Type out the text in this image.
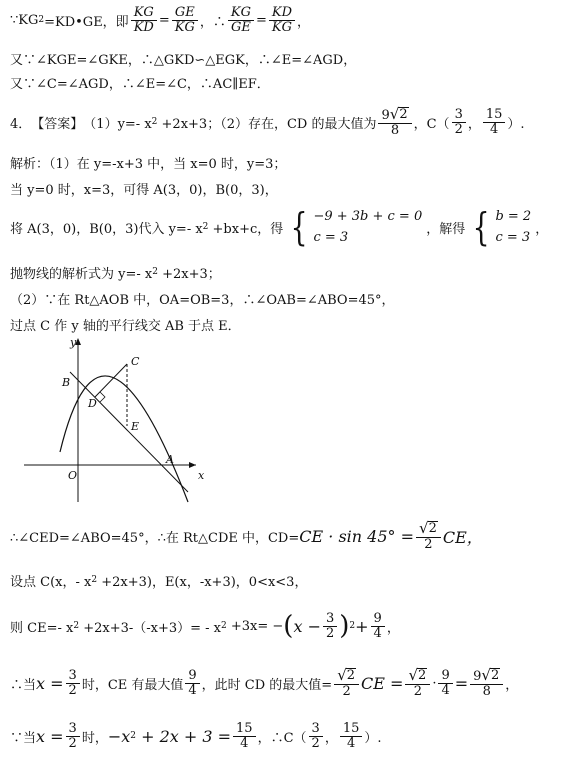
∵KG 2 =KD•GE，即 $\frac{KG}{KD} = \frac{GE}{KG}$ ，∴ $\frac{KG}{GE} = \frac{KD}{KG}$ ，
又∵∠KGE=∠GKE，∴△GKD∽△EGK，∴∠E=∠AGD，
又∵∠C=∠AGD，∴∠E=∠C，∴AC∥EF．
4． 【答案】 （1）y=- x 2 +2x+3；（2）存在，CD 的最大值为 $\frac{9 √ 2}{8}$ ，$C( \frac{3}{2}$ ， $\frac{15}{4}$ ）.
解析：（1）在 y=-x+3 中，当 x=0 时，y=3；
当 y=0 时，x=3，可得 A(3，0)，B(0，3)，
将 A(3，0)，B(0，3)代入 y=- x 2 +bx+c，得 { −9 + 3b + c = 0
c = 3
，解得 { b = 2
c = 3
，
抛物线的解析式为 y=- x 2 +2x+3；
（2）∵在 Rt△AOB 中，OA=OB=3，∴∠OAB=∠ABO=45°，
过点 C 作 y 轴的平行线交 AB 于点 E．
y
x
B
C
D
E
A
O
∴∠CED=∠ABO=45°，∴在 Rt△CDE 中，CD= CE · $\sin 45^\circ = \frac{√ 2}{2}$ CE，
设点 C(x，- x 2 +2x+3)，E(x，-x+3)，0<x<3，
则 CE=- x 2 +2x+3-（-x+3）= - x 2 +3x= − ( $x - \frac{3}{2}$ ) $2 + \frac{9}{4}$ ，
∴当 $x = \frac{3}{2}$ 时，CE 有最大值 $\frac{9}{4}$ ，此时 CD 的最大值= $\frac{√ 2}{2}$ CE = $\frac{√ 2}{2} \cdot \frac{9}{4} = \frac{9 √ 2}{8}$ ，
∵当 $x = \frac{3}{2}$ 时， −x $2 + 2x + 3 = \frac{15}{4}$ ，∴C（ $\frac{3}{2}$ ， $\frac{15}{4}$ ）.
